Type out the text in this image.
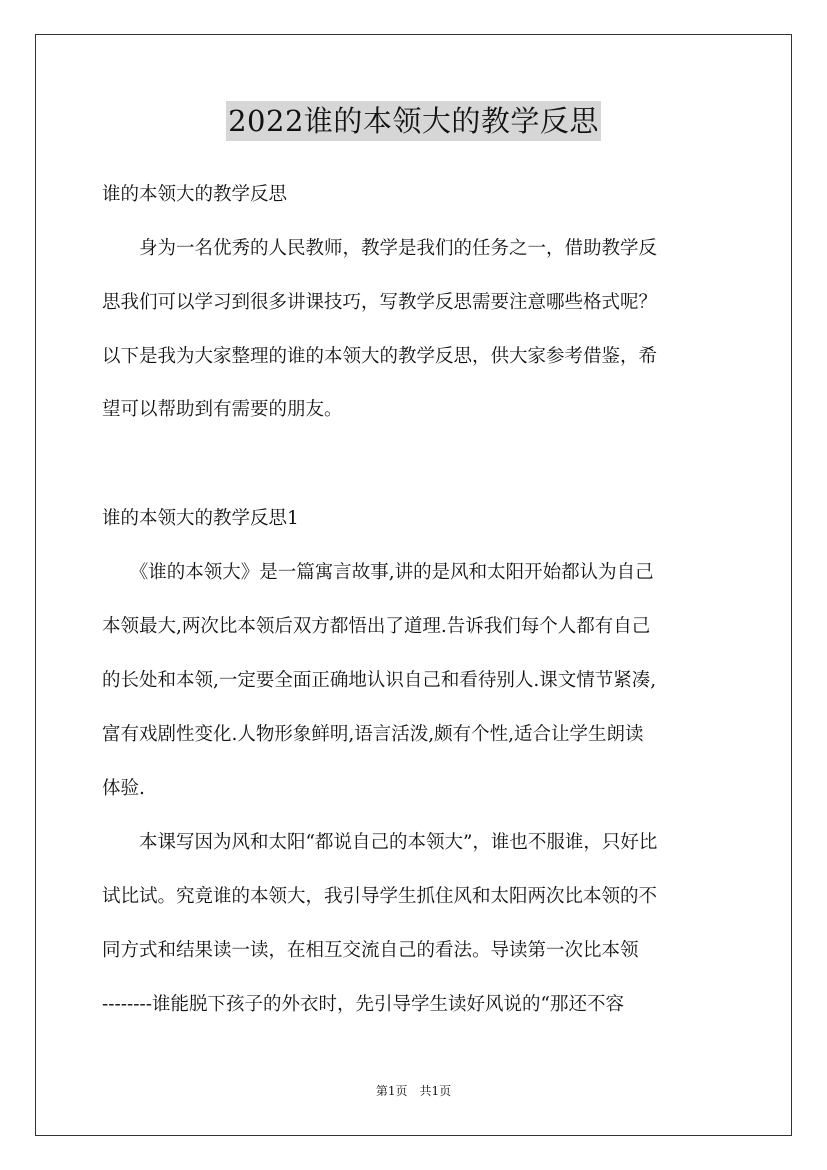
2022谁的本领大的教学反思
谁的本领大的教学反思
　　身为一名优秀的人民教师，教学是我们的任务之一，借助教学反
思我们可以学习到很多讲课技巧，写教学反思需要注意哪些格式呢？
以下是我为大家整理的谁的本领大的教学反思，供大家参考借鉴，希
望可以帮助到有需要的朋友。
谁的本领大的教学反思1
　　《谁的本领大》是一篇寓言故事,讲的是风和太阳开始都认为自己
本领最大,两次比本领后双方都悟出了道理.告诉我们每个人都有自己
的长处和本领,一定要全面正确地认识自己和看待别人.课文情节紧凑,
富有戏剧性变化.人物形象鲜明,语言活泼,颇有个性,适合让学生朗读
体验.
　　本课写因为风和太阳“都说自己的本领大”，谁也不服谁，只好比
试比试。究竟谁的本领大，我引导学生抓住风和太阳两次比本领的不
同方式和结果读一读，在相互交流自己的看法。导读第一次比本领
--------谁能脱下孩子的外衣时，先引导学生读好风说的“那还不容
第1页　共1页
